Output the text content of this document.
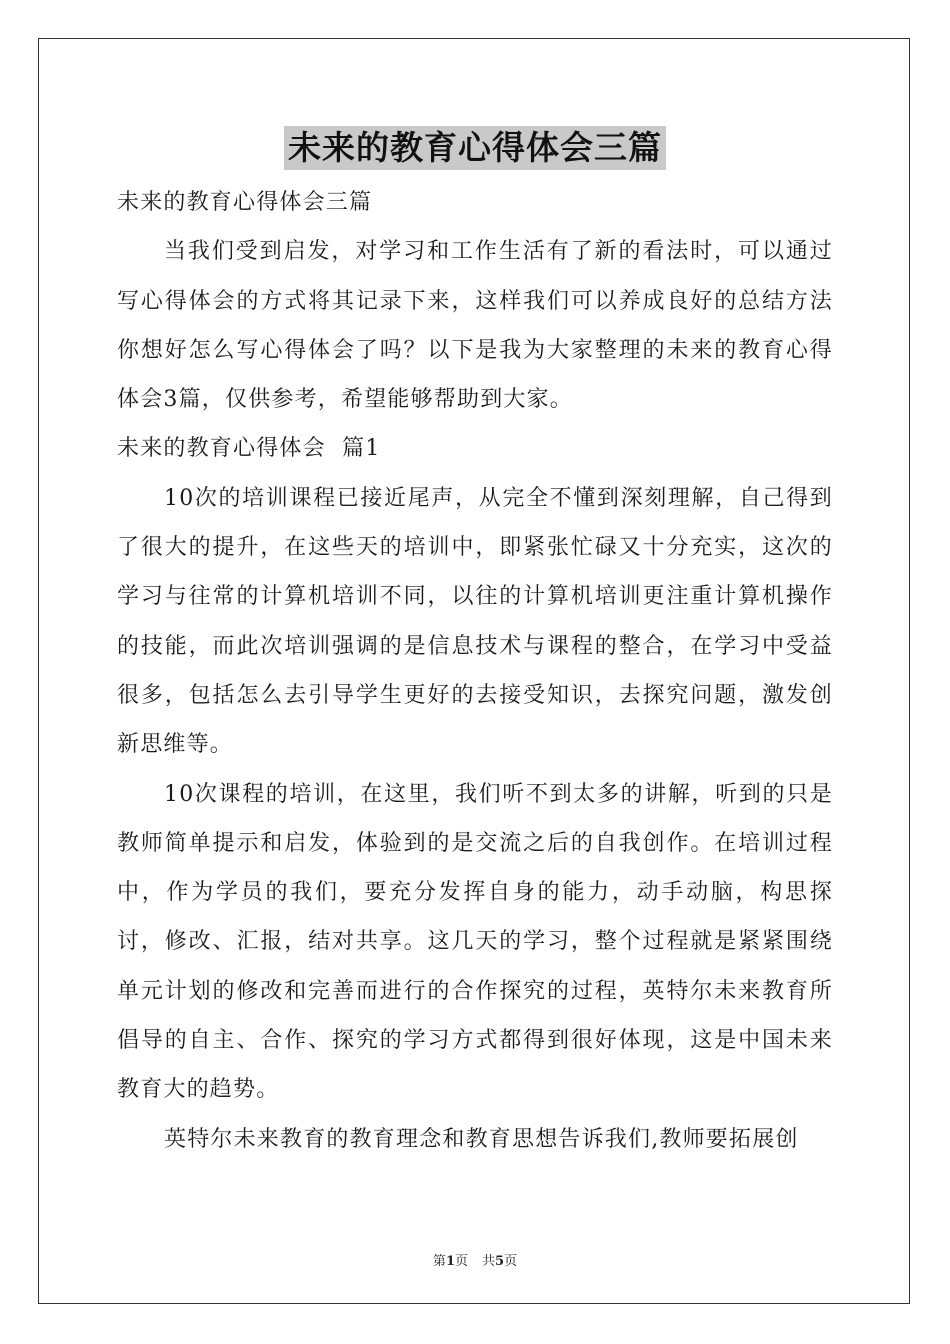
未来的教育心得体会三篇

未来的教育心得体会三篇

当我们受到启发，对学习和工作生活有了新的看法时，可以通过写心得体会的方式将其记录下来，这样我们可以养成良好的总结方法你想好怎么写心得体会了吗？以下是我为大家整理的未来的教育心得体会3篇，仅供参考，希望能够帮助到大家。

未来的教育心得体会  篇1

10次的培训课程已接近尾声，从完全不懂到深刻理解，自己得到了很大的提升，在这些天的培训中，即紧张忙碌又十分充实，这次的学习与往常的计算机培训不同，以往的计算机培训更注重计算机操作的技能，而此次培训强调的是信息技术与课程的整合，在学习中受益很多，包括怎么去引导学生更好的去接受知识，去探究问题，激发创新思维等。

10次课程的培训，在这里，我们听不到太多的讲解，听到的只是教师简单提示和启发，体验到的是交流之后的自我创作。在培训过程中，作为学员的我们，要充分发挥自身的能力，动手动脑，构思探讨，修改、汇报，结对共享。这几天的学习，整个过程就是紧紧围绕单元计划的修改和完善而进行的合作探究的过程，英特尔未来教育所倡导的自主、合作、探究的学习方式都得到很好体现，这是中国未来教育大的趋势。

英特尔未来教育的教育理念和教育思想告诉我们,教师要拓展创

第1页 共5页
